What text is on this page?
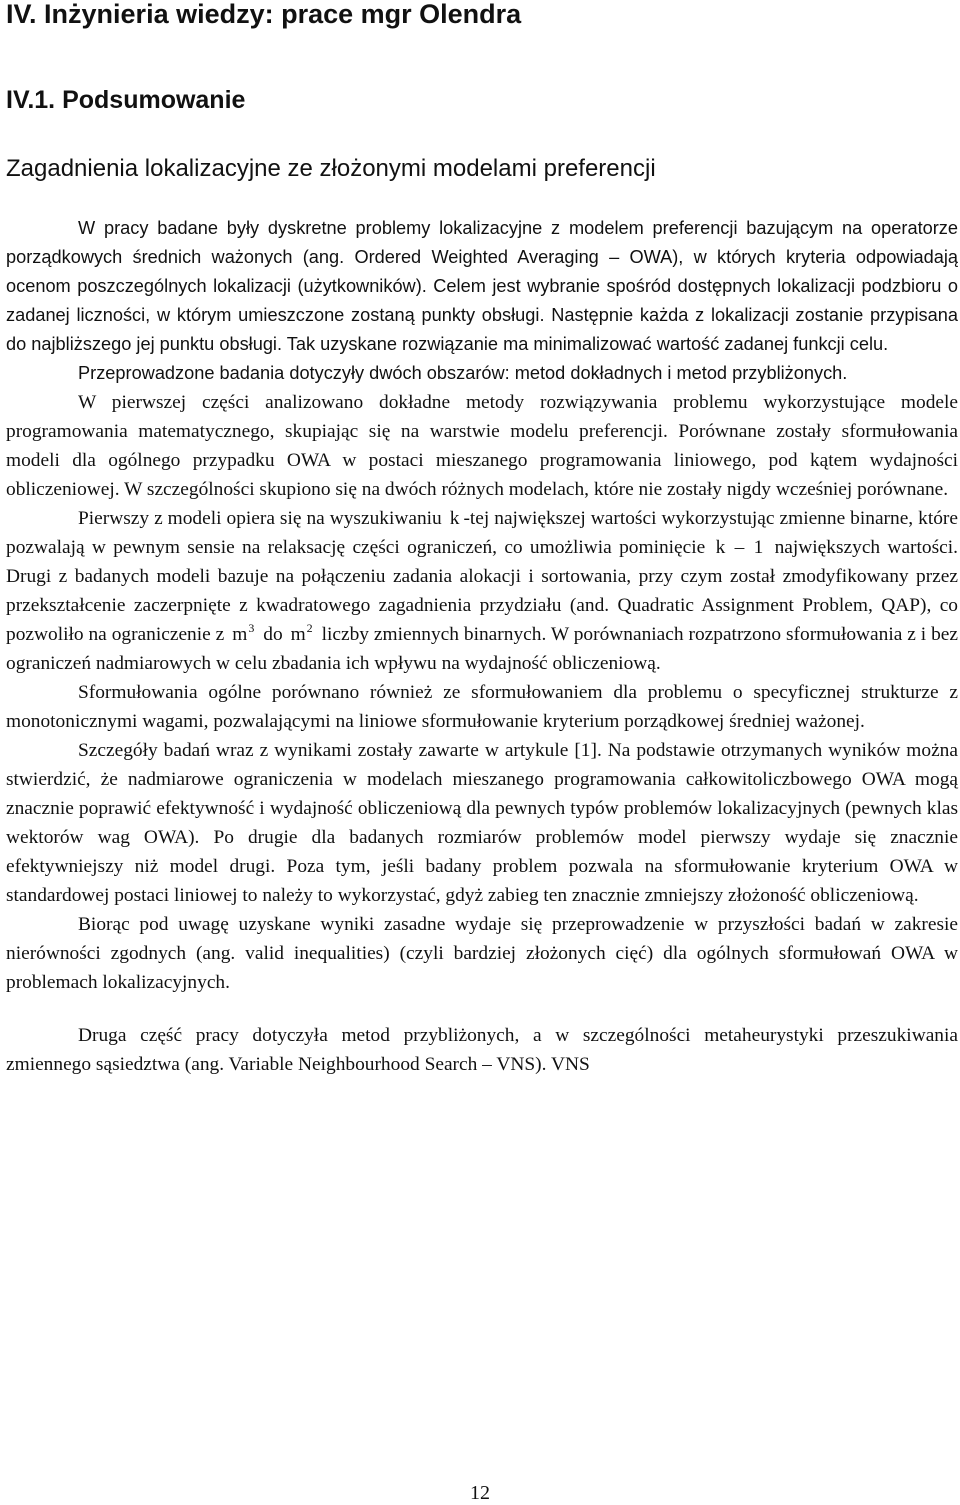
IV. Inżynieria wiedzy: prace mgr Olendra
IV.1. Podsumowanie
Zagadnienia lokalizacyjne ze złożonymi modelami preferencji

W pracy badane były dyskretne problemy lokalizacyjne z modelem preferencji bazującym na operatorze porządkowych średnich ważonych (ang. Ordered Weighted Averaging – OWA), w których kryteria odpowiadają ocenom poszczególnych lokalizacji (użytkowników). Celem jest wybranie spośród dostępnych lokalizacji podzbioru o zadanej liczności, w którym umieszczone zostaną punkty obsługi. Następnie każda z lokalizacji zostanie przypisana do najbliższego jej punktu obsługi. Tak uzyskane rozwiązanie ma minimalizować wartość zadanej funkcji celu.

Przeprowadzone badania dotyczyły dwóch obszarów: metod dokładnych i metod przybliżonych.

W pierwszej części analizowano dokładne metody rozwiązywania problemu wykorzystujące modele programowania matematycznego, skupiając się na warstwie modelu preferencji. Porównane zostały sformułowania modeli dla ogólnego przypadku OWA w postaci mieszanego programowania liniowego, pod kątem wydajności obliczeniowej. W szczególności skupiono się na dwóch różnych modelach, które nie zostały nigdy wcześniej porównane.

Pierwszy z modeli opiera się na wyszukiwaniu k -tej największej wartości wykorzystując zmienne binarne, które pozwalają w pewnym sensie na relaksację części ograniczeń, co umożliwia pominięcie k – 1 największych wartości. Drugi z badanych modeli bazuje na połączeniu zadania alokacji i sortowania, przy czym został zmodyfikowany przez przekształcenie zaczerpnięte z kwadratowego zagadnienia przydziału (and. Quadratic Assignment Problem, QAP), co pozwoliło na ograniczenie z $m^3$ do $m^2$ liczby zmiennych binarnych. W porównaniach rozpatrzono sformułowania z i bez ograniczeń nadmiarowych w celu zbadania ich wpływu na wydajność obliczeniową.

Sformułowania ogólne porównano również ze sformułowaniem dla problemu o specyficznej strukturze z monotonicznymi wagami, pozwalającymi na liniowe sformułowanie kryterium porządkowej średniej ważonej.

Szczegóły badań wraz z wynikami zostały zawarte w artykule [1]. Na podstawie otrzymanych wyników można stwierdzić, że nadmiarowe ograniczenia w modelach mieszanego programowania całkowitoliczbowego OWA mogą znacznie poprawić efektywność i wydajność obliczeniową dla pewnych typów problemów lokalizacyjnych (pewnych klas wektorów wag OWA). Po drugie dla badanych rozmiarów problemów model pierwszy wydaje się znacznie efektywniejszy niż model drugi. Poza tym, jeśli badany problem pozwala na sformułowanie kryterium OWA w standardowej postaci liniowej to należy to wykorzystać, gdyż zabieg ten znacznie zmniejszy złożoność obliczeniową.

Biorąc pod uwagę uzyskane wyniki zasadne wydaje się przeprowadzenie w przyszłości badań w zakresie nierówności zgodnych (ang. valid inequalities) (czyli bardziej złożonych cięć) dla ogólnych sformułowań OWA w problemach lokalizacyjnych.

Druga część pracy dotyczyła metod przybliżonych, a w szczególności metaheurystyki przeszukiwania zmiennego sąsiedztwa (ang. Variable Neighbourhood Search – VNS). VNS

12
